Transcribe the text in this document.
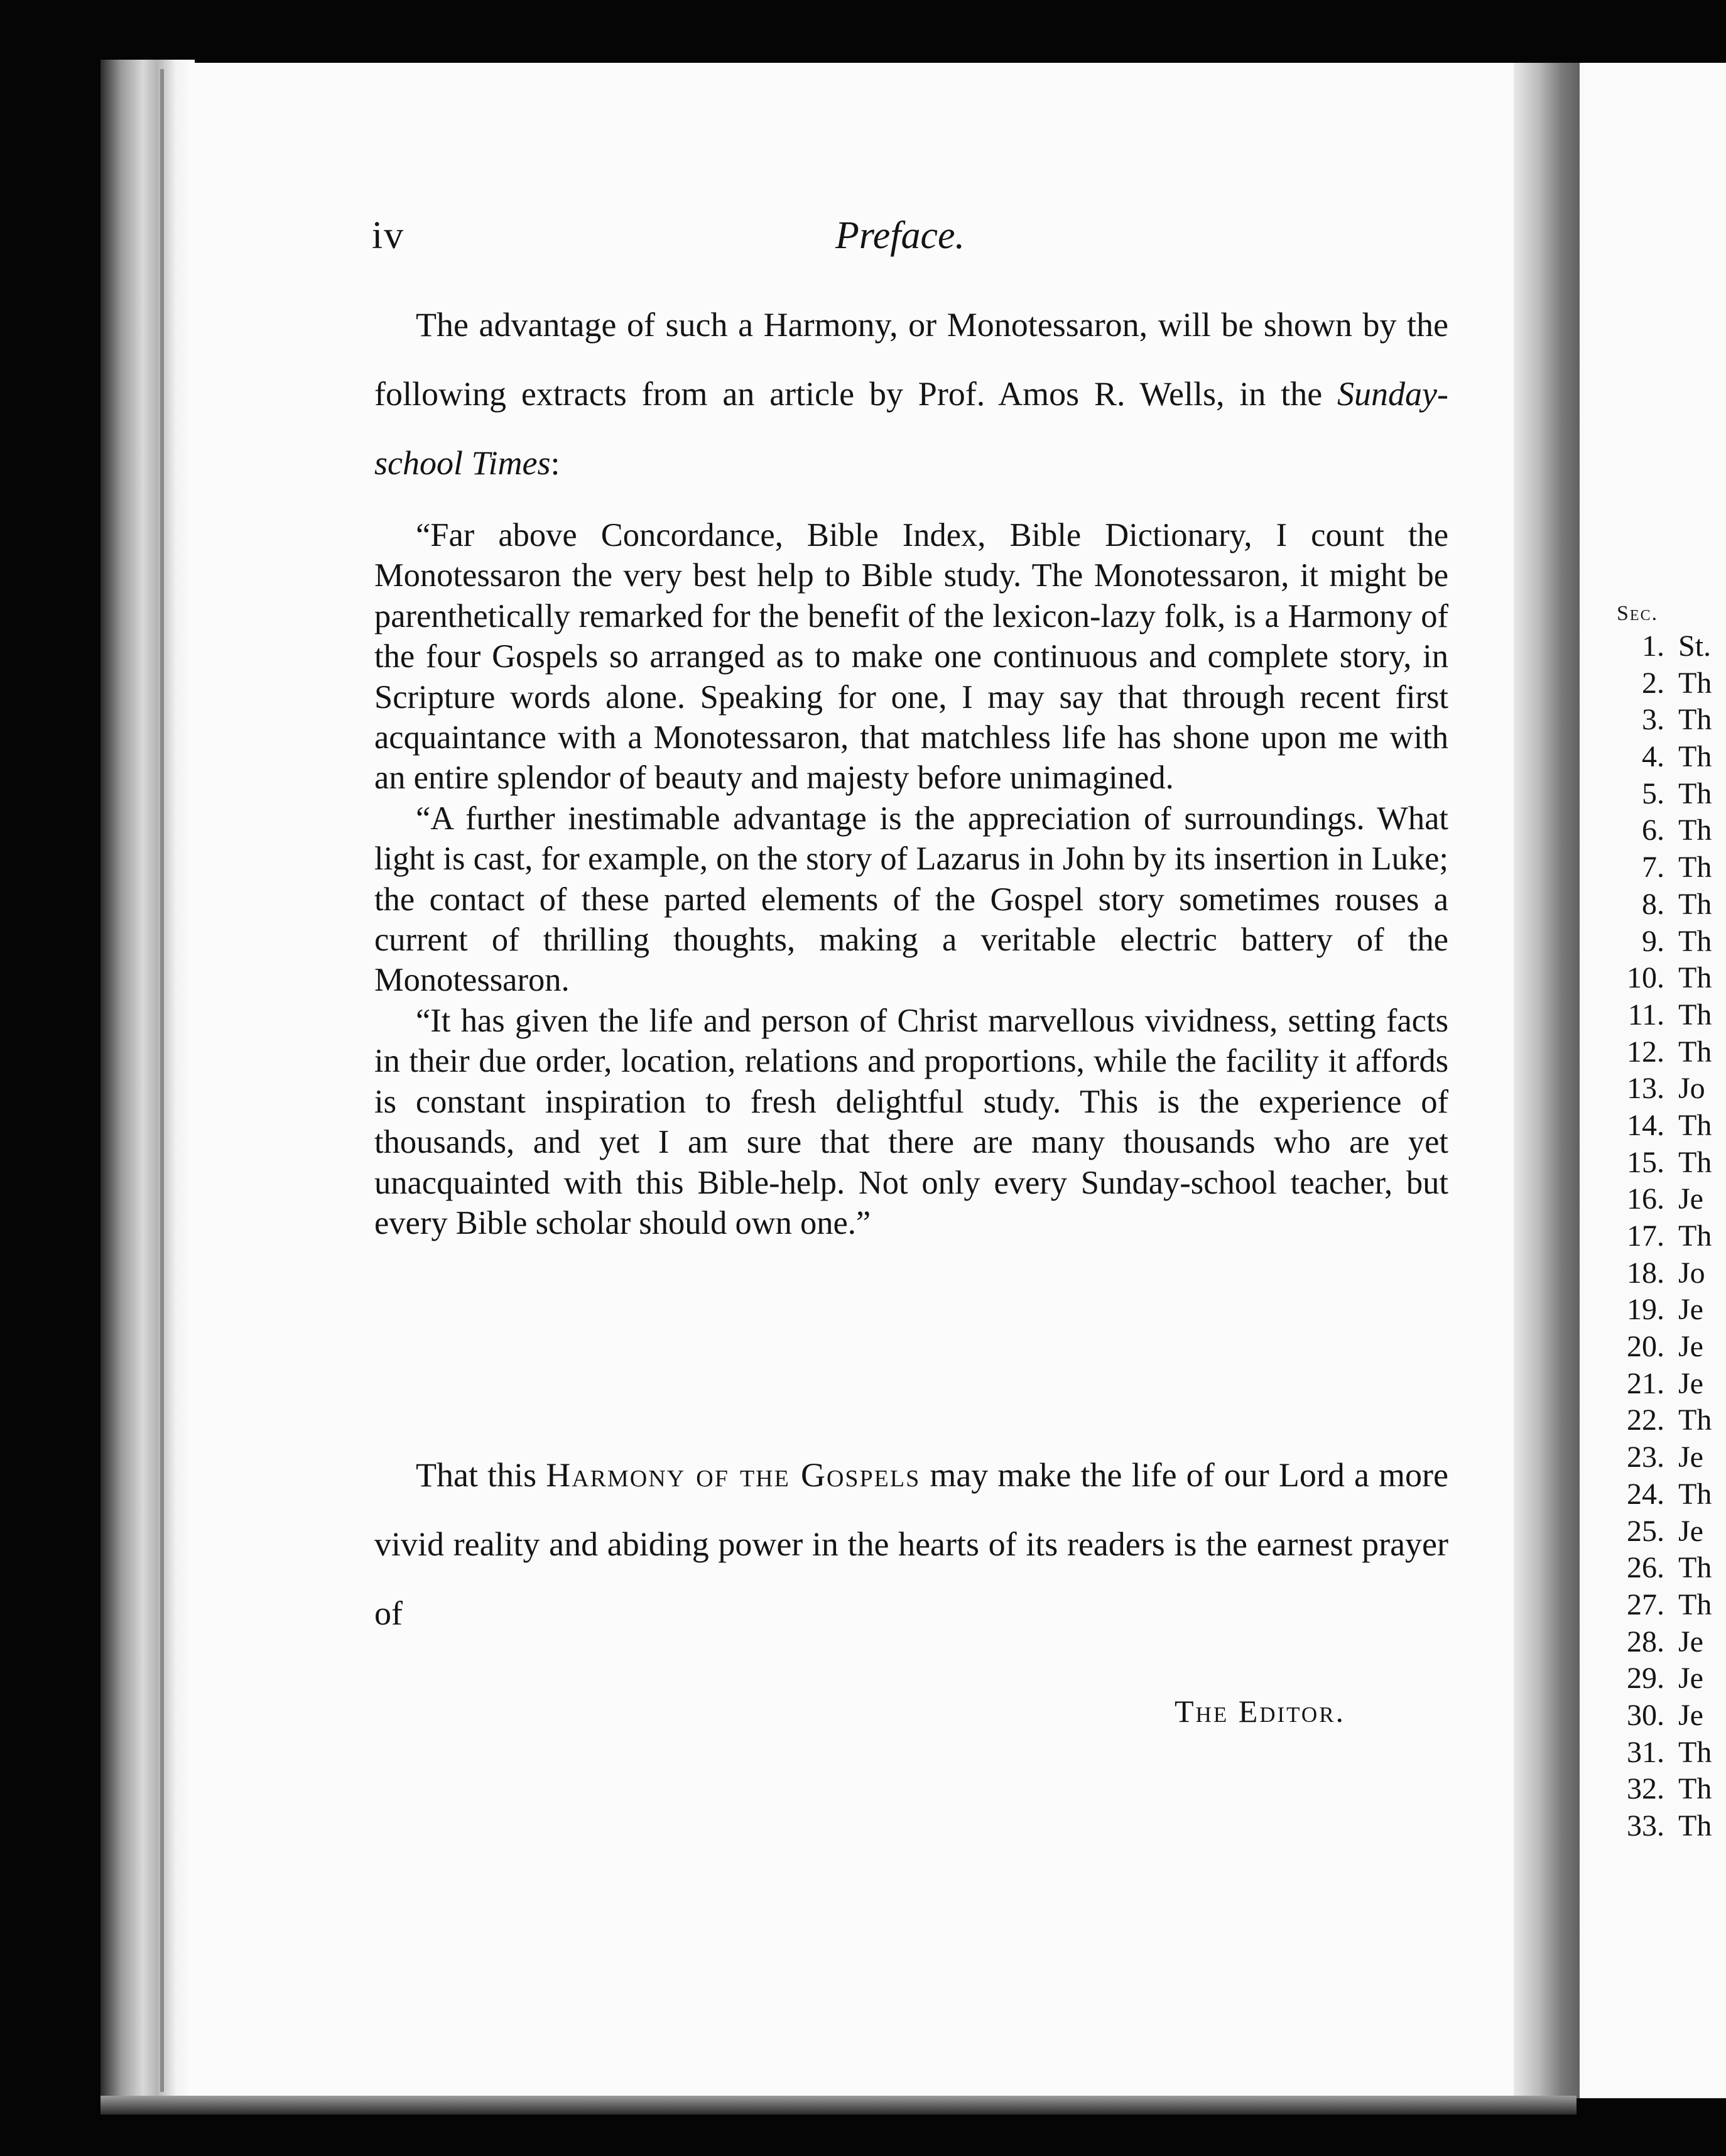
iv	Preface.

The advantage of such a Harmony, or Monotessaron, will be shown by the following extracts from an article by Prof. Amos R. Wells, in the Sunday-school Times:

“Far above Concordance, Bible Index, Bible Dictionary, I count the Monotessaron the very best help to Bible study. The Monotessaron, it might be parenthetically remarked for the benefit of the lexicon-lazy folk, is a Harmony of the four Gospels so arranged as to make one continuous and complete story, in Scripture words alone. Speaking for one, I may say that through recent first acquaintance with a Monotessaron, that matchless life has shone upon me with an entire splendor of beauty and majesty before unimagined.

“A further inestimable advantage is the appreciation of surroundings. What light is cast, for example, on the story of Lazarus in John by its insertion in Luke; the contact of these parted elements of the Gospel story sometimes rouses a current of thrilling thoughts, making a veritable electric battery of the Monotessaron.

“It has given the life and person of Christ marvellous vividness, setting facts in their due order, location, relations and proportions, while the facility it affords is constant inspiration to fresh delightful study. This is the experience of thousands, and yet I am sure that there are many thousands who are yet unacquainted with this Bible-help. Not only every Sunday-school teacher, but every Bible scholar should own one.”

That this Harmony of the Gospels may make the life of our Lord a more vivid reality and abiding power in the hearts of its readers is the earnest prayer of

The Editor.
Sec.
1. St.
2. Th
3. Th
4. Th
5. Th
6. Th
7. Th
8. Th
9. Th
10. Th
11. Th
12. Th
13. Jo
14. Th
15. Th
16. Je
17. Th
18. Jo
19. Je
20. Je
21. Je
22. Th
23. Je
24. Th
25. Je
26. Th
27. Th
28. Je
29. Je
30. Je
31. Th
32. Th
33. Th
